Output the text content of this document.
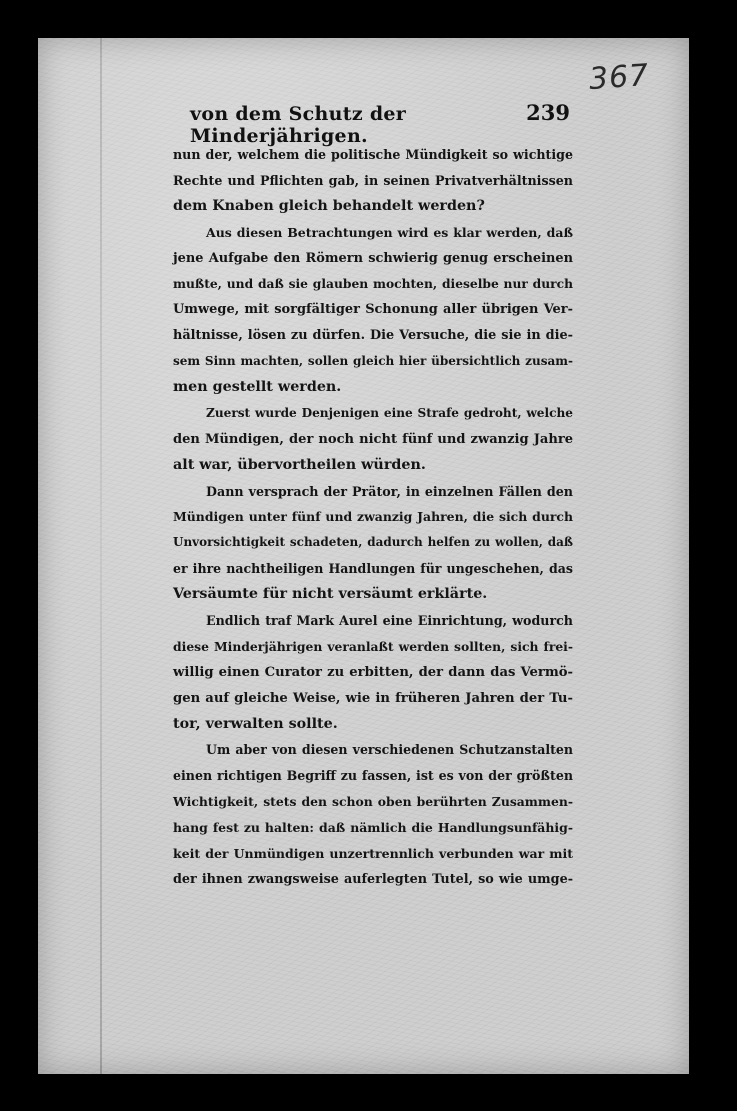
367
von dem Schutz der Minderjährigen.
239
nun der, welchem die politische Mündigkeit so wichtige
Rechte und Pflichten gab, in seinen Privatverhältnissen
dem Knaben gleich behandelt werden?
Aus diesen Betrachtungen wird es klar werden, daß
jene Aufgabe den Römern schwierig genug erscheinen
mußte, und daß sie glauben mochten, dieselbe nur durch
Umwege, mit sorgfältiger Schonung aller übrigen Ver-
hältnisse, lösen zu dürfen. Die Versuche, die sie in die-
sem Sinn machten, sollen gleich hier übersichtlich zusam-
men gestellt werden.
Zuerst wurde Denjenigen eine Strafe gedroht, welche
den Mündigen, der noch nicht fünf und zwanzig Jahre
alt war, übervortheilen würden.
Dann versprach der Prätor, in einzelnen Fällen den
Mündigen unter fünf und zwanzig Jahren, die sich durch
Unvorsichtigkeit schadeten, dadurch helfen zu wollen, daß
er ihre nachtheiligen Handlungen für ungeschehen, das
Versäumte für nicht versäumt erklärte.
Endlich traf Mark Aurel eine Einrichtung, wodurch
diese Minderjährigen veranlaßt werden sollten, sich frei-
willig einen Curator zu erbitten, der dann das Vermö-
gen auf gleiche Weise, wie in früheren Jahren der Tu-
tor, verwalten sollte.
Um aber von diesen verschiedenen Schutzanstalten
einen richtigen Begriff zu fassen, ist es von der größten
Wichtigkeit, stets den schon oben berührten Zusammen-
hang fest zu halten: daß nämlich die Handlungsunfähig-
keit der Unmündigen unzertrennlich verbunden war mit
der ihnen zwangsweise auferlegten Tutel, so wie umge-
